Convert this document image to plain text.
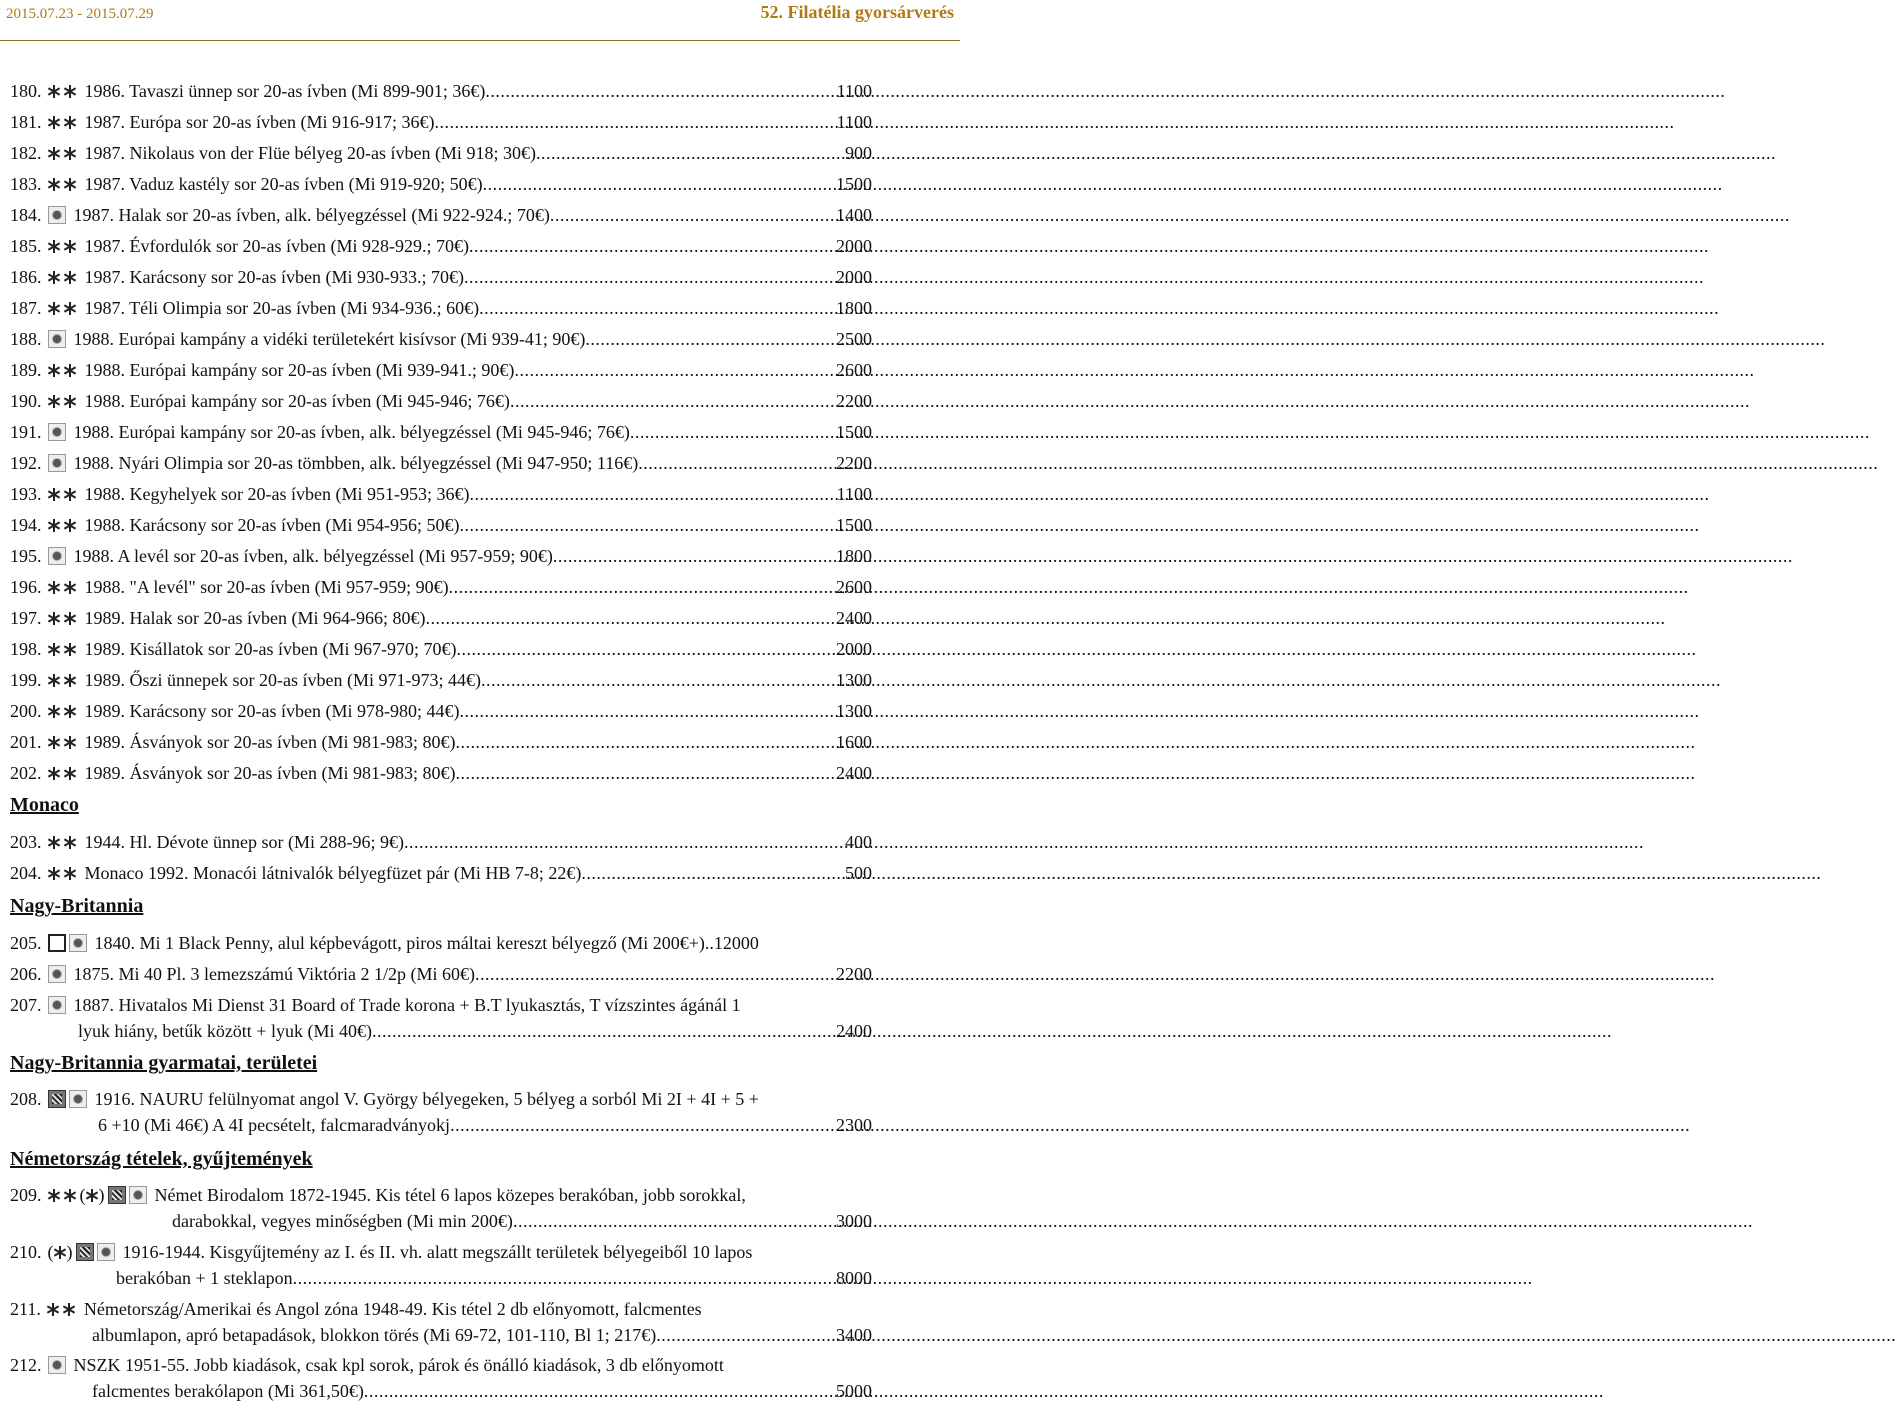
2015.07.23 - 2015.07.29	52. Filatélia gyorsárverés
180. 1986. Tavaszi ünnep sor 20-as ívben (Mi 899-901; 36€) .....	1100
181. 1987. Európa sor 20-as ívben (Mi 916-917; 36€) .....	1100
182. 1987. Nikolaus von der Flüe bélyeg 20-as ívben (Mi 918; 30€) .....	900
183. 1987. Vaduz kastély sor 20-as ívben (Mi 919-920; 50€) .....	1500
184. 1987. Halak sor 20-as ívben, alk. bélyegzéssel (Mi 922-924.; 70€) .....	1400
185. 1987. Évfordulók sor 20-as ívben (Mi 928-929.; 70€) .....	2000
186. 1987. Karácsony sor 20-as ívben (Mi 930-933.; 70€) .....	2000
187. 1987. Téli Olimpia sor 20-as ívben (Mi 934-936.; 60€) .....	1800
188. 1988. Európai kampány a vidéki területekért kisívsor (Mi 939-41; 90€) .....	2500
189. 1988. Európai kampány sor 20-as ívben (Mi 939-941.; 90€) .....	2600
190. 1988. Európai kampány sor 20-as ívben (Mi 945-946; 76€) .....	2200
191. 1988. Európai kampány sor 20-as ívben, alk. bélyegzéssel (Mi 945-946; 76€) .....	1500
192. 1988. Nyári Olimpia sor 20-as tömbben, alk. bélyegzéssel (Mi 947-950; 116€) .....	2200
193. 1988. Kegyhelyek sor 20-as ívben (Mi 951-953; 36€) .....	1100
194. 1988. Karácsony sor 20-as ívben (Mi 954-956; 50€) .....	1500
195. 1988. A levél sor 20-as ívben, alk. bélyegzéssel (Mi 957-959; 90€) .....	1800
196. 1988. "A levél" sor 20-as ívben (Mi 957-959; 90€) .....	2600
197. 1989. Halak sor 20-as ívben (Mi 964-966; 80€) .....	2400
198. 1989. Kisállatok sor 20-as ívben (Mi 967-970; 70€) .....	2000
199. 1989. Őszi ünnepek sor 20-as ívben (Mi 971-973; 44€) .....	1300
200. 1989. Karácsony sor 20-as ívben (Mi 978-980; 44€) .....	1300
201. 1989. Ásványok sor 20-as ívben (Mi 981-983; 80€) .....	1600
202. 1989. Ásványok sor 20-as ívben (Mi 981-983; 80€) .....	2400
Monaco
203. 1944. Hl. Dévote ünnep sor (Mi 288-96; 9€) .....	400
204. Monaco 1992. Monacói látnivalók bélyegfüzet pár (Mi HB 7-8; 22€) .....	500
Nagy-Britannia
205.	1840. Mi 1 Black Penny, alul képbevágott, piros máltai kereszt bélyegző (Mi 200€+) .. 12000
206. 1875. Mi 40 Pl. 3 lemezszámú Viktória 2 1/2p (Mi 60€) .....	2200
207. 1887. Hivatalos Mi Dienst 31 Board of Trade korona + B.T lyukasztás, T vízszintes ágánál 1
lyuk hiány, betűk között + lyuk (Mi 40€) .....	2400
Nagy-Britannia gyarmatai, területei
208.	1916. NAURU felülnyomat angol V. György bélyegeken, 5 bélyeg a sorból Mi 2I + 4I + 5 +
6 +10 (Mi 46€) A 4I pecsételt, falcmaradványokj .....	2300
Németország tételek, gyűjtemények
209. ( )	Német Birodalom 1872-1945. Kis tétel 6 lapos közepes berakóban, jobb sorokkal,
darabokkal, vegyes minőségben (Mi min 200€) .....	3000
210. ( )	1916-1944. Kisgyűjtemény az I. és II. vh. alatt megszállt területek bélyegeiből 10 lapos
berakóban + 1 steklapon .....	8000
211. Németország/Amerikai és Angol zóna 1948-49. Kis tétel 2 db előnyomott, falcmentes
albumlapon, apró betapadások, blokkon törés (Mi 69-72, 101-110, Bl 1; 217€) .....	3400
212. NSZK 1951-55. Jobb kiadások, csak kpl sorok, párok és önálló kiadások, 3 db előnyomott
falcmentes berakólapon (Mi 361,50€) .....	5000
